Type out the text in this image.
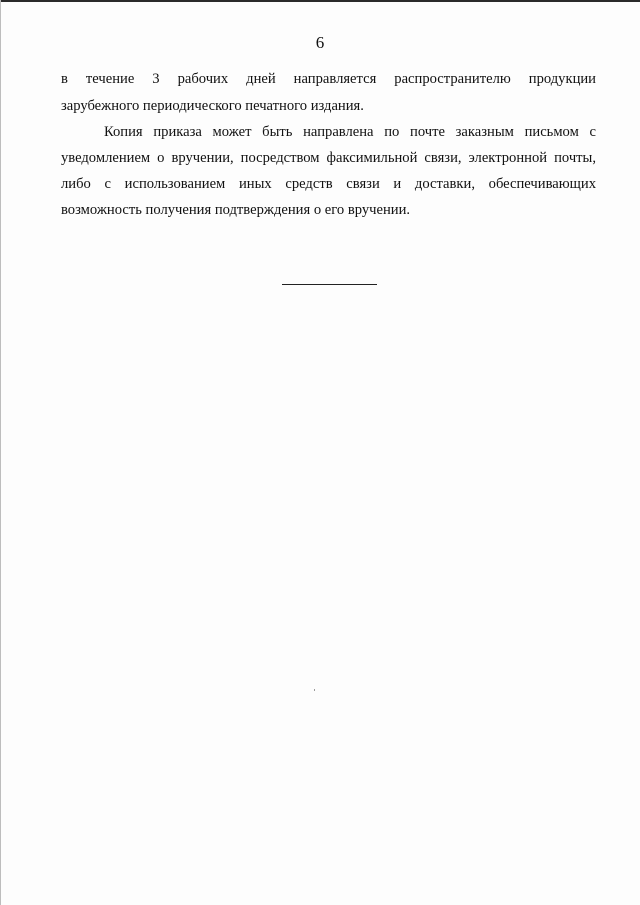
6
в течение 3 рабочих дней направляется распространителю продукции
зарубежного периодического печатного издания.
Копия приказа может быть направлена по почте заказным письмом с
уведомлением о вручении, посредством факсимильной связи, электронной почты,
либо с использованием иных средств связи и доставки, обеспечивающих
возможность получения подтверждения о его вручении.
